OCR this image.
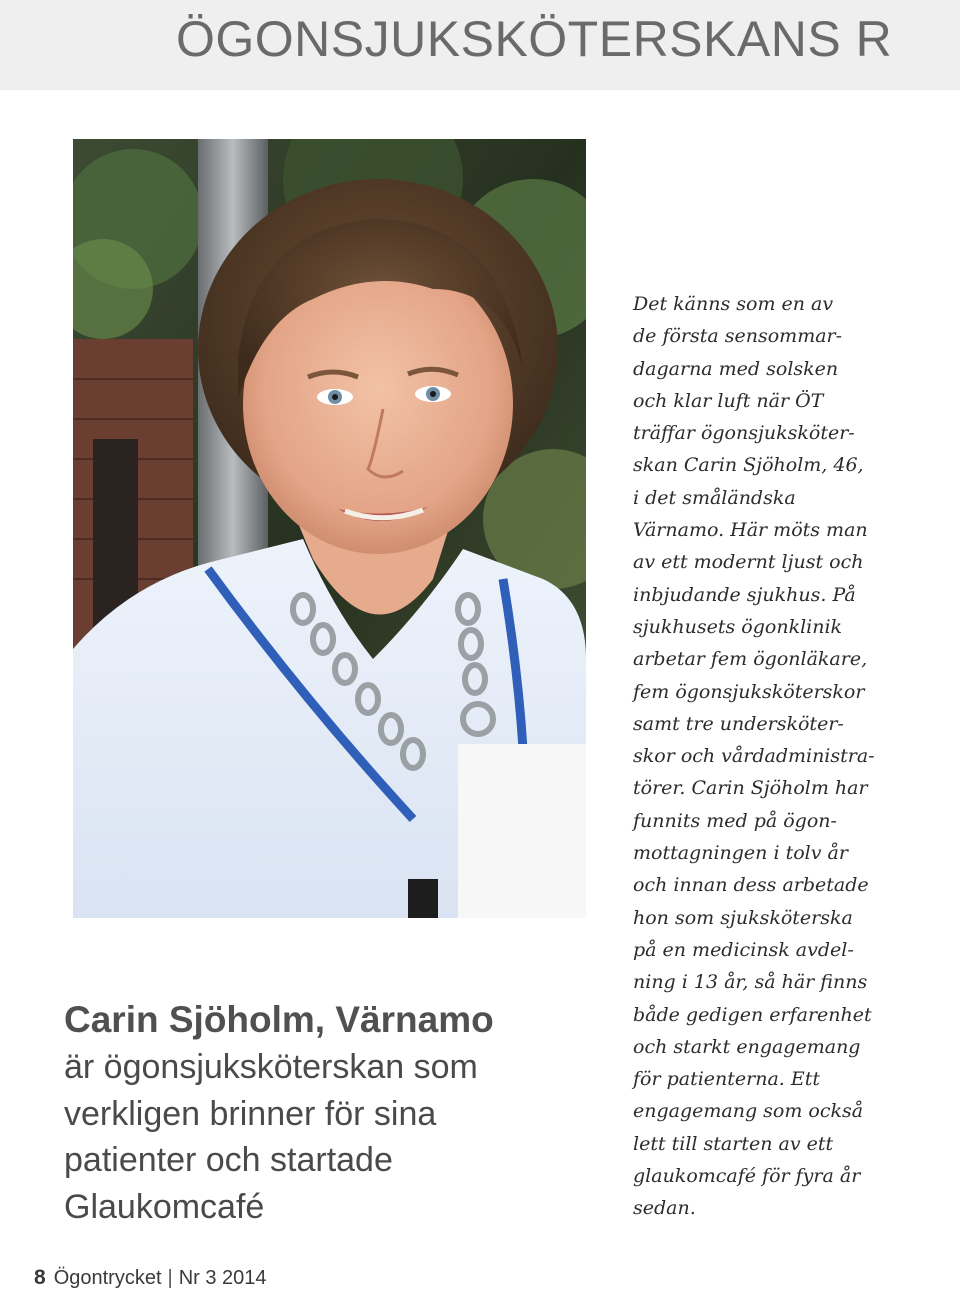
ÖGONSJUKSKÖTERSKANS R
Carin Sjöholm, Värnamo
är ögonsjuksköterskan som
verkligen brinner för sina
patienter och startade
Glaukomcafé
Det känns som en av
de första sensommar-
dagarna med solsken
och klar luft när ÖT
träffar ögonsjuksköter-
skan Carin Sjöholm, 46,
i det småländska
Värnamo. Här möts man
av ett modernt ljust och
inbjudande sjukhus. På
sjukhusets ögonklinik
arbetar fem ögonläkare,
fem ögonsjuksköterskor
samt tre undersköter-
skor och vårdadministra-
törer. Carin Sjöholm har
funnits med på ögon-
mottagningen i tolv år
och innan dess arbetade
hon som sjuksköterska
på en medicinsk avdel-
ning i 13 år, så här finns
både gedigen erfarenhet
och starkt engagemang
för patienterna. Ett
engagemang som också
lett till starten av ett
glaukomcafé för fyra år
sedan.
8 Ögontrycket | Nr 3 2014
